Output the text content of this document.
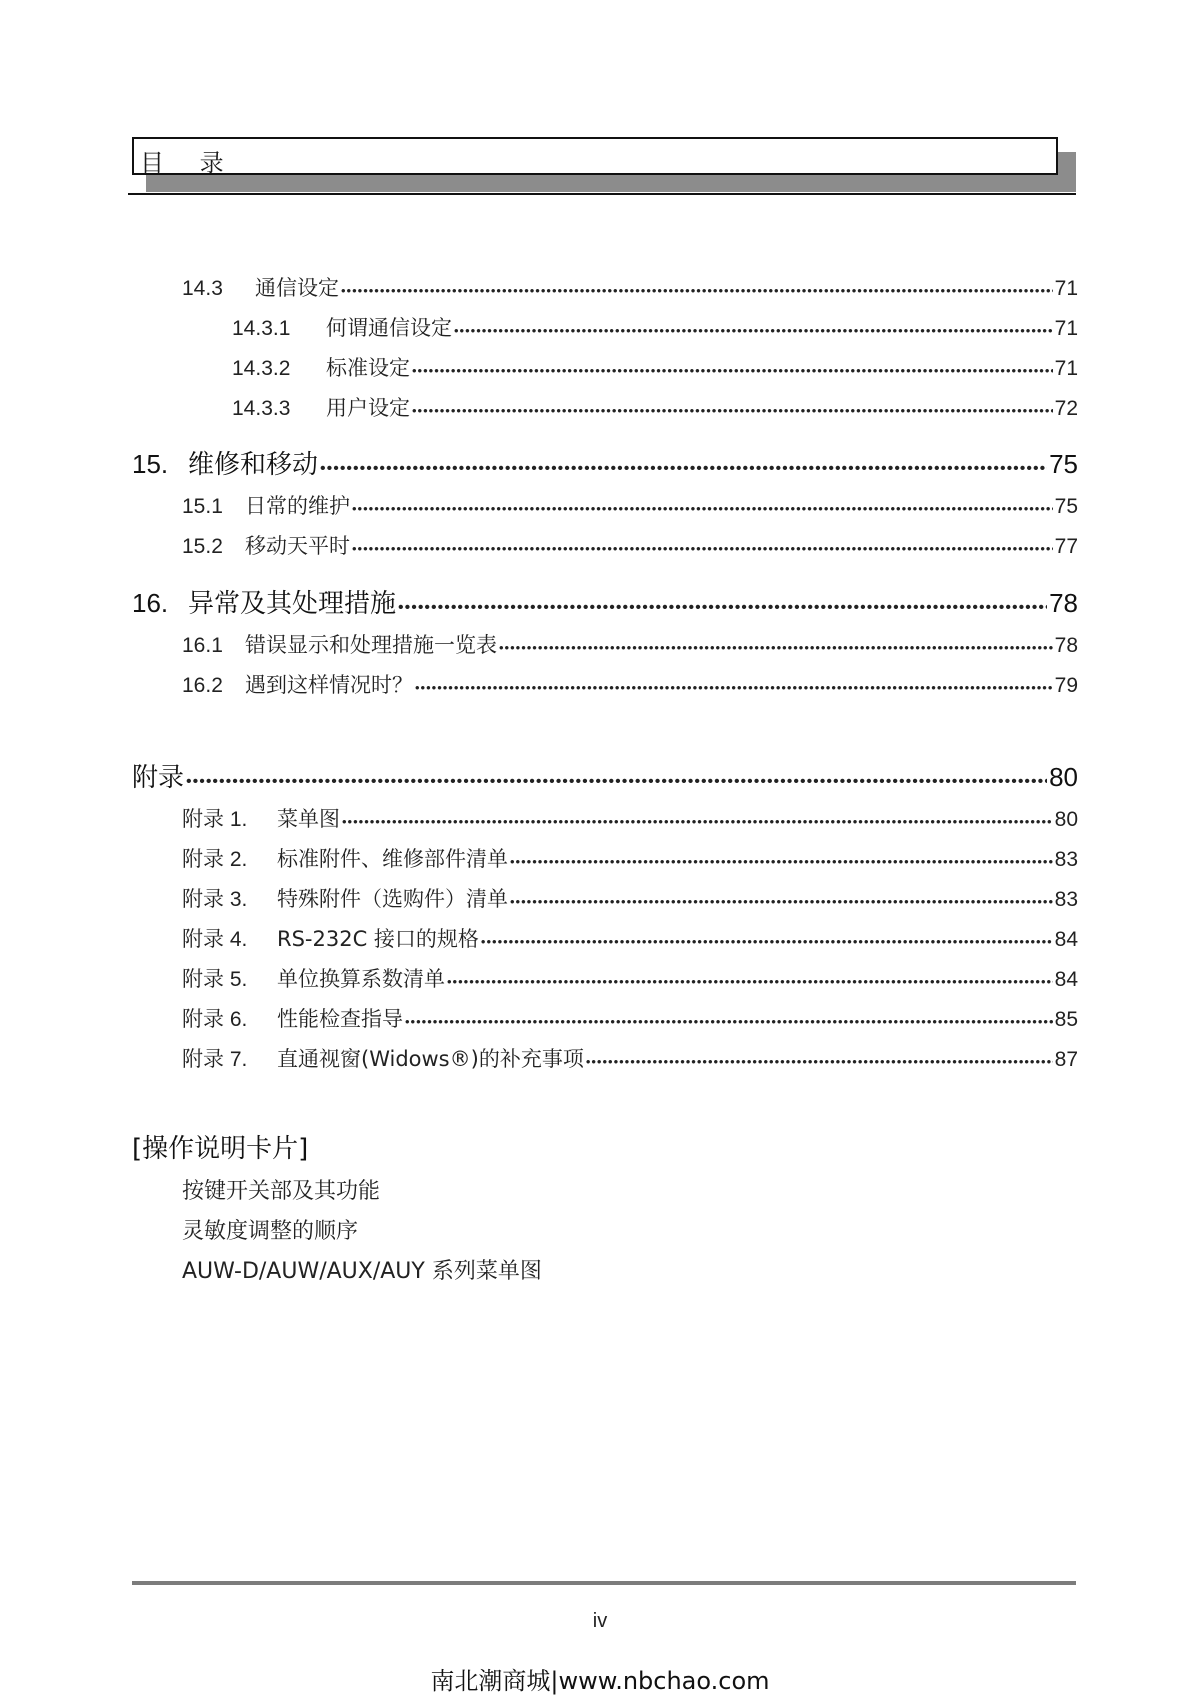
目 录
14.3	通信设定 •••••	71
14.3.1	何谓通信设定 •••••	71
14.3.2	标准设定 •••••	71
14.3.3	用户设定 •••••	72
15. 维修和移动 •••••	75
15.1	日常的维护 •••••	75
15.2	移动天平时 •••••	77
16. 异常及其处理措施 •••••	78
16.1	错误显示和处理措施一览表 •••••	78
16.2	遇到这样情况时？ •••••	79
附录 •••••	80
附录 1.	菜单图 •••••	80
附录 2.	标准附件、维修部件清单 •••••	83
附录 3.	特殊附件（选购件）清单 •••••	83
附录 4.	RS-232C 接口的规格 •••••	84
附录 5.	单位换算系数清单 •••••	84
附录 6.	性能检查指导 •••••	85
附录 7.	直通视窗(Widows®)的补充事项 •••••	87
[操作说明卡片]
按键开关部及其功能
灵敏度调整的顺序
AUW-D/AUW/AUX/AUY 系列菜单图
iv
南北潮商城|www.nbchao.com
